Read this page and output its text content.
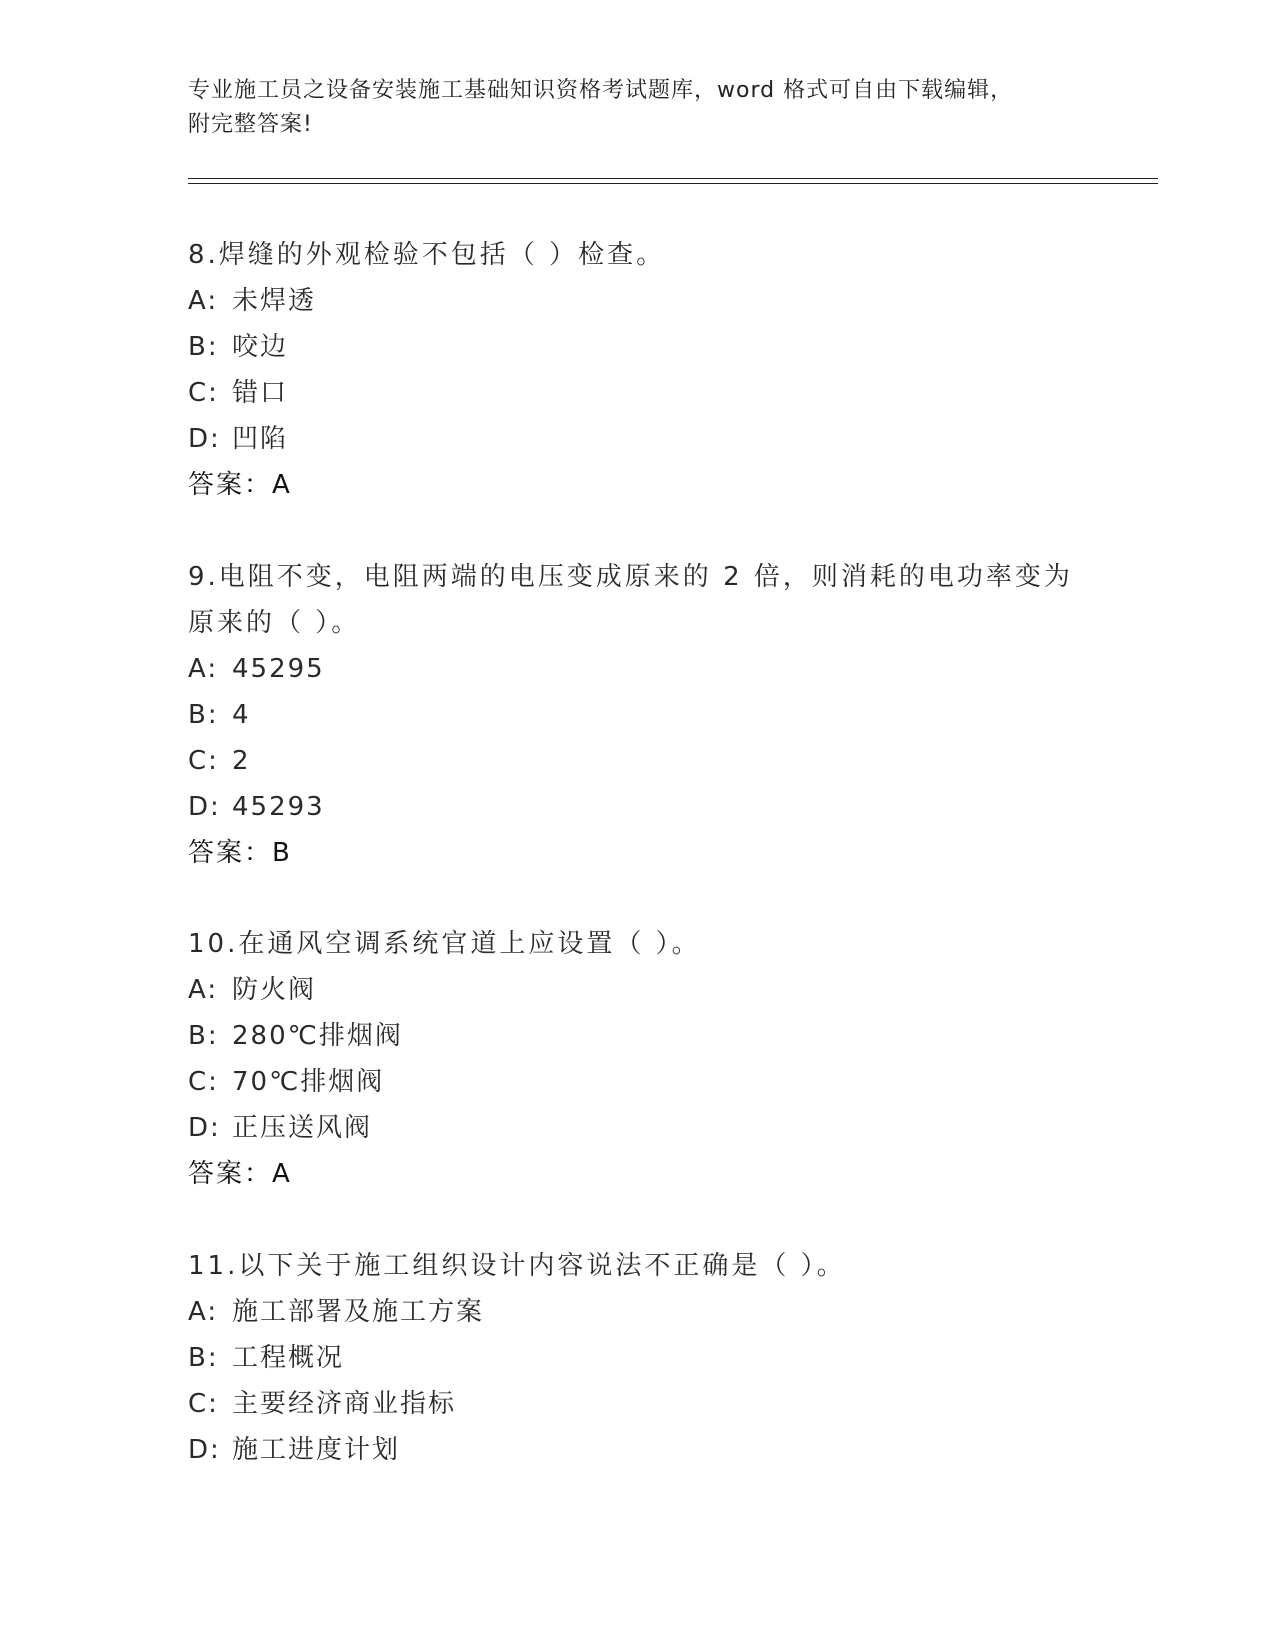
专业施工员之设备安装施工基础知识资格考试题库，word 格式可自由下载编辑，
附完整答案!
8.焊缝的外观检验不包括（ ）检查。
A: 未焊透
B: 咬边
C: 错口
D: 凹陷
答案：A
9.电阻不变，电阻两端的电压变成原来的 2 倍，则消耗的电功率变为
原来的（ ）。
A: 45295
B: 4
C: 2
D: 45293
答案：B
10.在通风空调系统官道上应设置（ ）。
A: 防火阀
B: 280℃排烟阀
C: 70℃排烟阀
D: 正压送风阀
答案：A
11.以下关于施工组织设计内容说法不正确是（ ）。
A: 施工部署及施工方案
B: 工程概况
C: 主要经济商业指标
D: 施工进度计划
